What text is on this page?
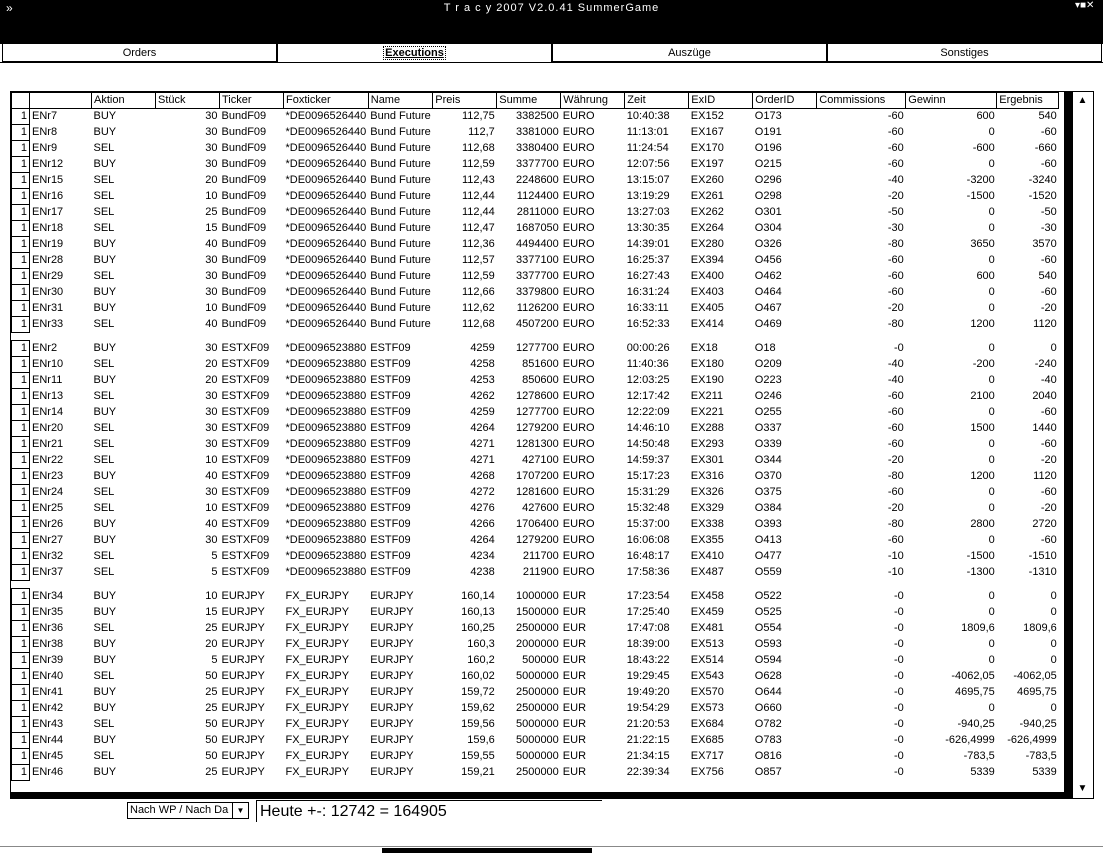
»	T r a c y 2007 V2.0.41 SummerGame	▾■✕
Orders	Executions	Auszüge	Sonstiges
		Aktion	Stück	Ticker	Foxticker	Name	Preis	Summe	Währung	Zeit	ExID	OrderID	Commissions	Gewinn	Ergebnis
1	ENr7	BUY	30	BundF09	*DE0096526440	Bund Future	112,75	3382500	EURO	10:40:38	EX152	O173	-60	600	540
1	ENr8	BUY	30	BundF09	*DE0096526440	Bund Future	112,7	3381000	EURO	11:13:01	EX167	O191	-60	0	-60
1	ENr9	SEL	30	BundF09	*DE0096526440	Bund Future	112,68	3380400	EURO	11:24:54	EX170	O196	-60	-600	-660
1	ENr12	BUY	30	BundF09	*DE0096526440	Bund Future	112,59	3377700	EURO	12:07:56	EX197	O215	-60	0	-60
1	ENr15	SEL	20	BundF09	*DE0096526440	Bund Future	112,43	2248600	EURO	13:15:07	EX260	O296	-40	-3200	-3240
1	ENr16	SEL	10	BundF09	*DE0096526440	Bund Future	112,44	1124400	EURO	13:19:29	EX261	O298	-20	-1500	-1520
1	ENr17	SEL	25	BundF09	*DE0096526440	Bund Future	112,44	2811000	EURO	13:27:03	EX262	O301	-50	0	-50
1	ENr18	SEL	15	BundF09	*DE0096526440	Bund Future	112,47	1687050	EURO	13:30:35	EX264	O304	-30	0	-30
1	ENr19	BUY	40	BundF09	*DE0096526440	Bund Future	112,36	4494400	EURO	14:39:01	EX280	O326	-80	3650	3570
1	ENr28	BUY	30	BundF09	*DE0096526440	Bund Future	112,57	3377100	EURO	16:25:37	EX394	O456	-60	0	-60
1	ENr29	SEL	30	BundF09	*DE0096526440	Bund Future	112,59	3377700	EURO	16:27:43	EX400	O462	-60	600	540
1	ENr30	BUY	30	BundF09	*DE0096526440	Bund Future	112,66	3379800	EURO	16:31:24	EX403	O464	-60	0	-60
1	ENr31	BUY	10	BundF09	*DE0096526440	Bund Future	112,62	1126200	EURO	16:33:11	EX405	O467	-20	0	-20
1	ENr33	SEL	40	BundF09	*DE0096526440	Bund Future	112,68	4507200	EURO	16:52:33	EX414	O469	-80	1200	1120

1	ENr2	BUY	30	ESTXF09	*DE0096523880	ESTF09	4259	1277700	EURO	00:00:26	EX18	O18	-0	0	0
1	ENr10	SEL	20	ESTXF09	*DE0096523880	ESTF09	4258	851600	EURO	11:40:36	EX180	O209	-40	-200	-240
1	ENr11	BUY	20	ESTXF09	*DE0096523880	ESTF09	4253	850600	EURO	12:03:25	EX190	O223	-40	0	-40
1	ENr13	SEL	30	ESTXF09	*DE0096523880	ESTF09	4262	1278600	EURO	12:17:42	EX211	O246	-60	2100	2040
1	ENr14	BUY	30	ESTXF09	*DE0096523880	ESTF09	4259	1277700	EURO	12:22:09	EX221	O255	-60	0	-60
1	ENr20	SEL	30	ESTXF09	*DE0096523880	ESTF09	4264	1279200	EURO	14:46:10	EX288	O337	-60	1500	1440
1	ENr21	SEL	30	ESTXF09	*DE0096523880	ESTF09	4271	1281300	EURO	14:50:48	EX293	O339	-60	0	-60
1	ENr22	SEL	10	ESTXF09	*DE0096523880	ESTF09	4271	427100	EURO	14:59:37	EX301	O344	-20	0	-20
1	ENr23	BUY	40	ESTXF09	*DE0096523880	ESTF09	4268	1707200	EURO	15:17:23	EX316	O370	-80	1200	1120
1	ENr24	SEL	30	ESTXF09	*DE0096523880	ESTF09	4272	1281600	EURO	15:31:29	EX326	O375	-60	0	-60
1	ENr25	SEL	10	ESTXF09	*DE0096523880	ESTF09	4276	427600	EURO	15:32:48	EX329	O384	-20	0	-20
1	ENr26	BUY	40	ESTXF09	*DE0096523880	ESTF09	4266	1706400	EURO	15:37:00	EX338	O393	-80	2800	2720
1	ENr27	BUY	30	ESTXF09	*DE0096523880	ESTF09	4264	1279200	EURO	16:06:08	EX355	O413	-60	0	-60
1	ENr32	SEL	5	ESTXF09	*DE0096523880	ESTF09	4234	211700	EURO	16:48:17	EX410	O477	-10	-1500	-1510
1	ENr37	SEL	5	ESTXF09	*DE0096523880	ESTF09	4238	211900	EURO	17:58:36	EX487	O559	-10	-1300	-1310

1	ENr34	BUY	10	EURJPY	FX_EURJPY	EURJPY	160,14	1000000	EUR	17:23:54	EX458	O522	-0	0	0
1	ENr35	BUY	15	EURJPY	FX_EURJPY	EURJPY	160,13	1500000	EUR	17:25:40	EX459	O525	-0	0	0
1	ENr36	SEL	25	EURJPY	FX_EURJPY	EURJPY	160,25	2500000	EUR	17:47:08	EX481	O554	-0	1809,6	1809,6
1	ENr38	BUY	20	EURJPY	FX_EURJPY	EURJPY	160,3	2000000	EUR	18:39:00	EX513	O593	-0	0	0
1	ENr39	BUY	5	EURJPY	FX_EURJPY	EURJPY	160,2	500000	EUR	18:43:22	EX514	O594	-0	0	0
1	ENr40	SEL	50	EURJPY	FX_EURJPY	EURJPY	160,02	5000000	EUR	19:29:45	EX543	O628	-0	-4062,05	-4062,05
1	ENr41	BUY	25	EURJPY	FX_EURJPY	EURJPY	159,72	2500000	EUR	19:49:20	EX570	O644	-0	4695,75	4695,75
1	ENr42	BUY	25	EURJPY	FX_EURJPY	EURJPY	159,62	2500000	EUR	19:54:29	EX573	O660	-0	0	0
1	ENr43	SEL	50	EURJPY	FX_EURJPY	EURJPY	159,56	5000000	EUR	21:20:53	EX684	O782	-0	-940,25	-940,25
1	ENr44	BUY	50	EURJPY	FX_EURJPY	EURJPY	159,6	5000000	EUR	21:22:15	EX685	O783	-0	-626,4999	-626,4999
1	ENr45	SEL	50	EURJPY	FX_EURJPY	EURJPY	159,55	5000000	EUR	21:34:15	EX717	O816	-0	-783,5	-783,5
1	ENr46	BUY	25	EURJPY	FX_EURJPY	EURJPY	159,21	2500000	EUR	22:39:34	EX756	O857	-0	5339	5339
▲
▼
Nach WP / Nach Da	▼ Heute +-: 12742 = 164905
